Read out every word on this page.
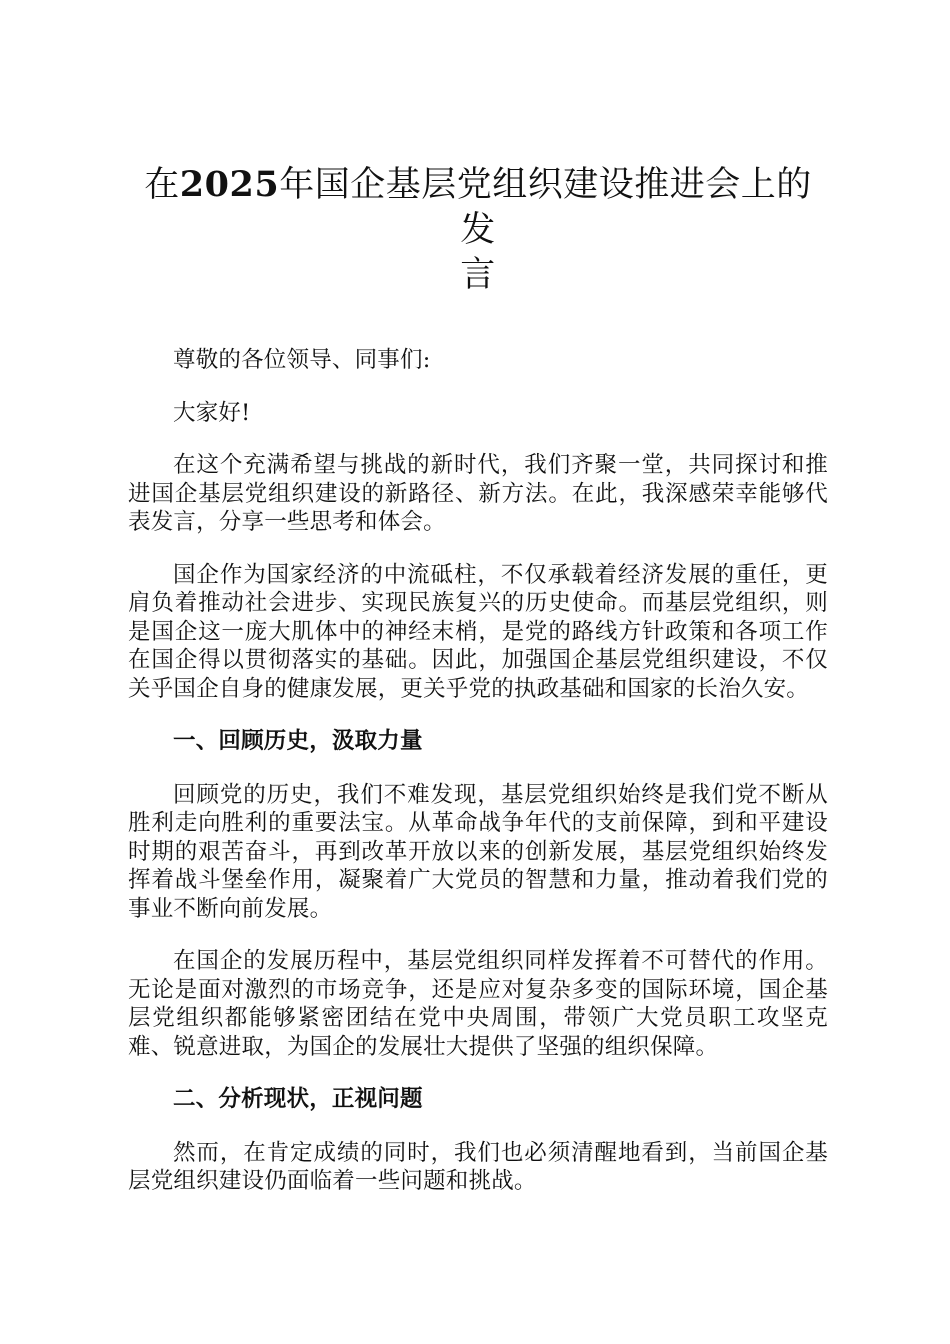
在2025年国企基层党组织建设推进会上的发
言

尊敬的各位领导、同事们:

大家好!

在这个充满希望与挑战的新时代，我们齐聚一堂，共同探讨和推进国企基层党组织建设的新路径、新方法。在此，我深感荣幸能够代表发言，分享一些思考和体会。

国企作为国家经济的中流砥柱，不仅承载着经济发展的重任，更肩负着推动社会进步、实现民族复兴的历史使命。而基层党组织，则是国企这一庞大肌体中的神经末梢，是党的路线方针政策和各项工作在国企得以贯彻落实的基础。因此，加强国企基层党组织建设，不仅关乎国企自身的健康发展，更关乎党的执政基础和国家的长治久安。

一、回顾历史，汲取力量

回顾党的历史，我们不难发现，基层党组织始终是我们党不断从胜利走向胜利的重要法宝。从革命战争年代的支前保障，到和平建设时期的艰苦奋斗，再到改革开放以来的创新发展，基层党组织始终发挥着战斗堡垒作用，凝聚着广大党员的智慧和力量，推动着我们党的事业不断向前发展。

在国企的发展历程中，基层党组织同样发挥着不可替代的作用。无论是面对激烈的市场竞争，还是应对复杂多变的国际环境，国企基层党组织都能够紧密团结在党中央周围，带领广大党员职工攻坚克难、锐意进取，为国企的发展壮大提供了坚强的组织保障。

二、分析现状，正视问题

然而，在肯定成绩的同时，我们也必须清醒地看到，当前国企基层党组织建设仍面临着一些问题和挑战。
